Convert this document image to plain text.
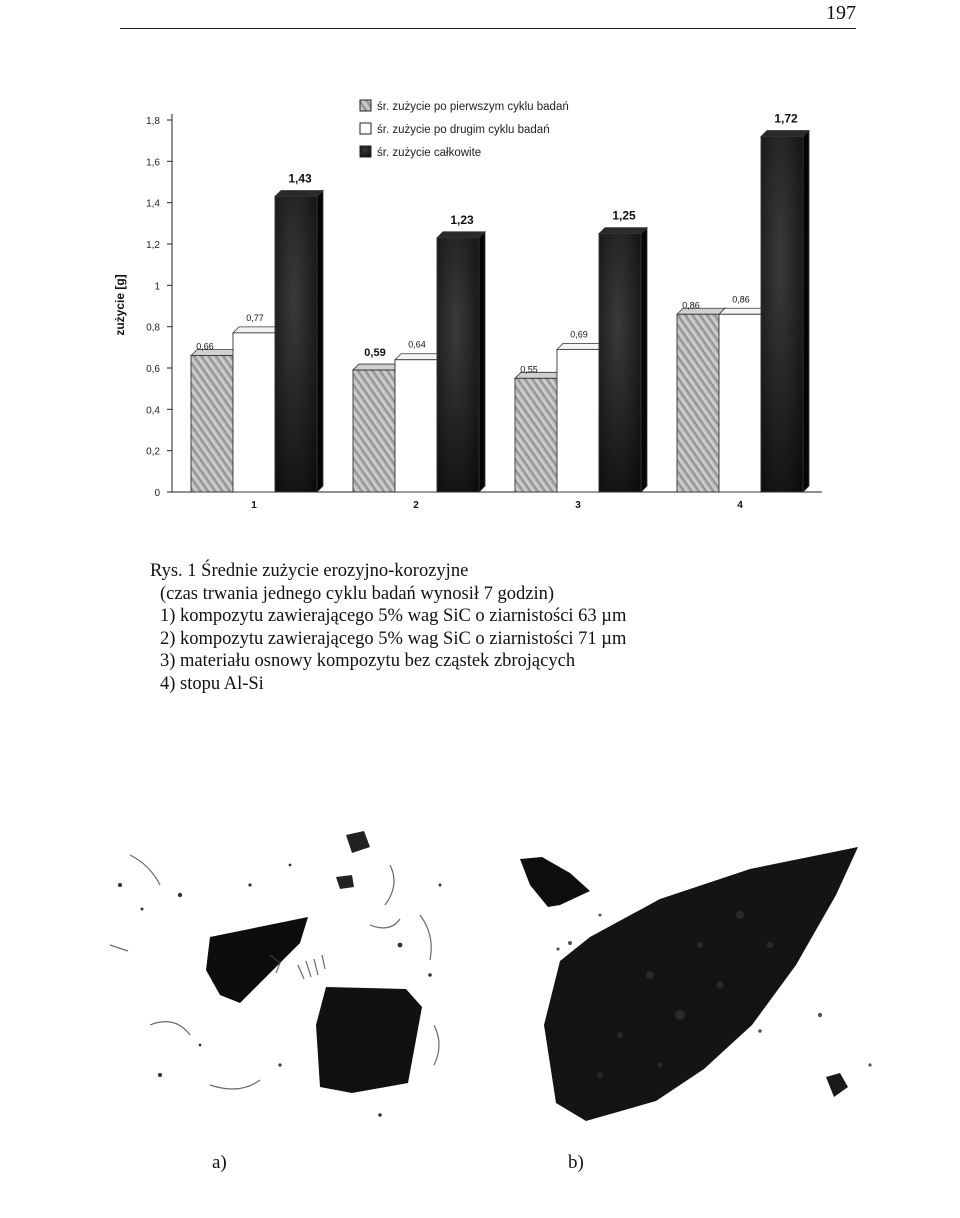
197
0
0,2
0,4
0,6
0,8
1
1,2
1,4
1,6
1,8
zużycie [g]
1	2	3	4
0,66
0,77
1,43
0,59
0,64
1,23
0,55
0,69
1,25
0,86
0,86
1,72
śr. zużycie po pierwszym cyklu badań
śr. zużycie po drugim cyklu badań
śr. zużycie całkowite
Rys. 1 Średnie zużycie erozyjno-korozyjne
(czas trwania jednego cyklu badań wynosił 7 godzin)
1) kompozytu zawierającego 5% wag SiC o ziarnistości 63 µm
2) kompozytu zawierającego 5% wag SiC o ziarnistości 71 µm
3) materiału osnowy kompozytu bez cząstek zbrojących
4) stopu Al-Si
a)	b)
